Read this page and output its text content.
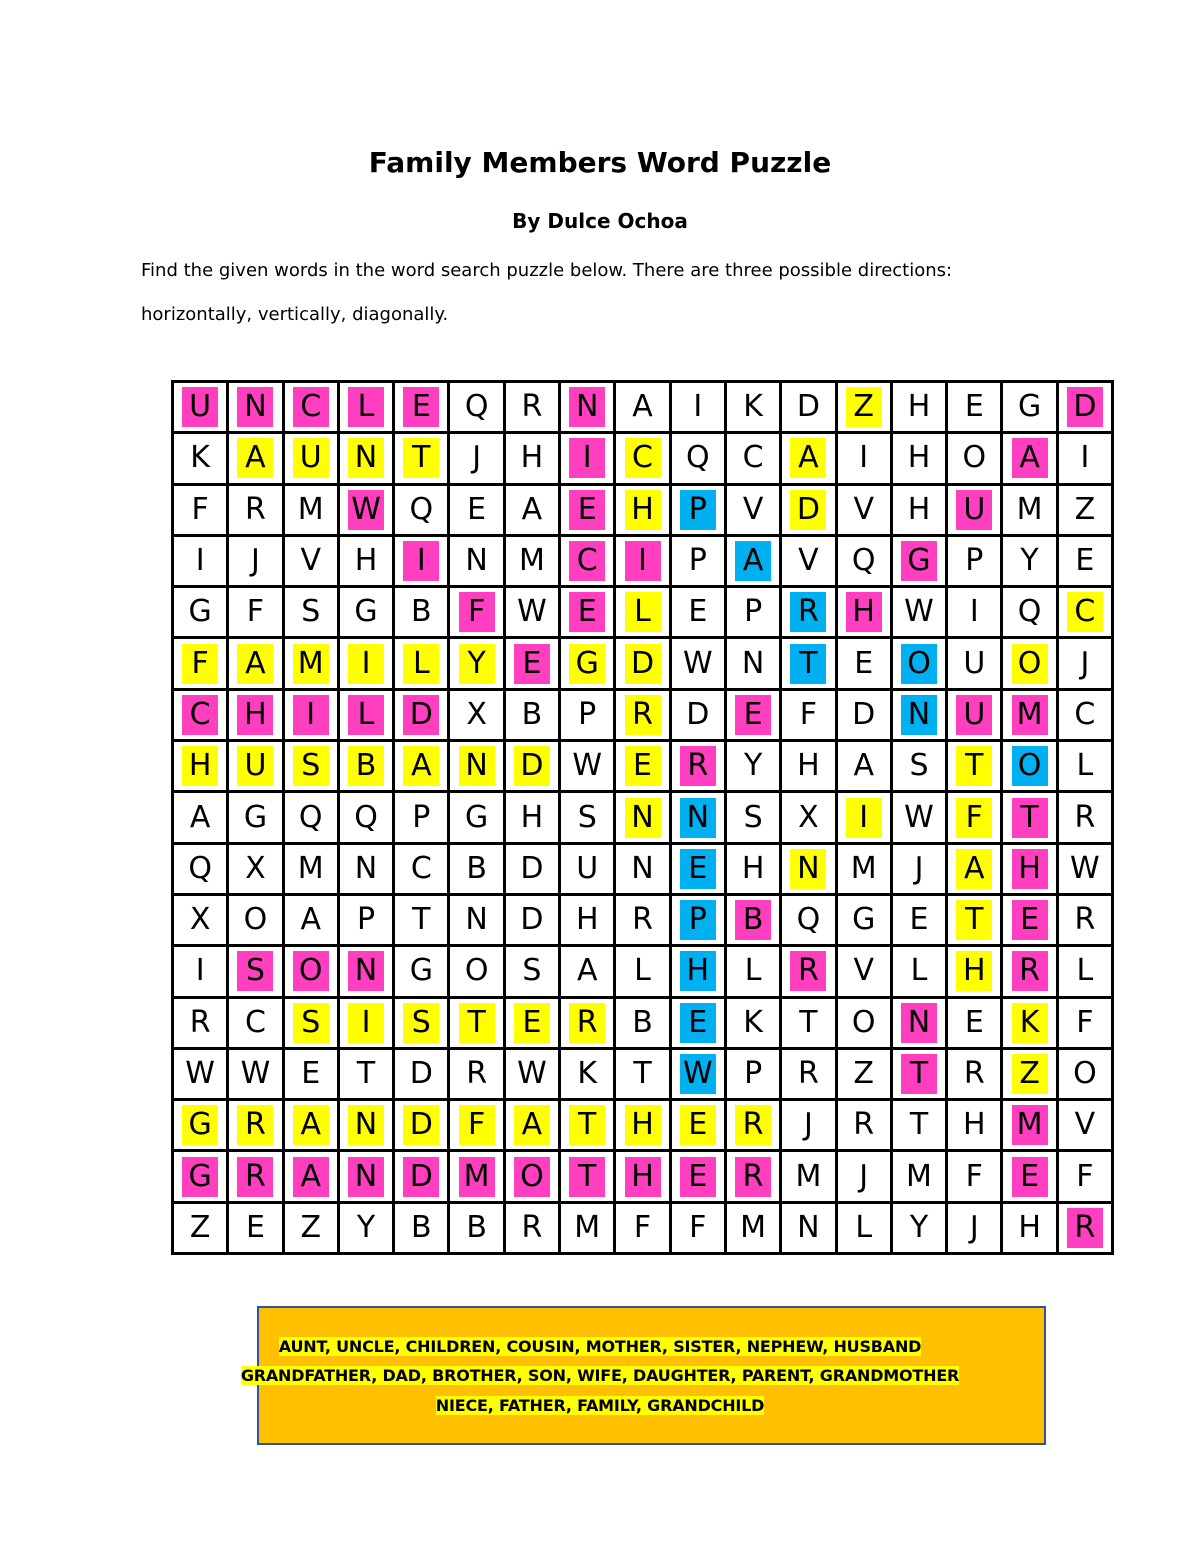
Family Members Word Puzzle
By Dulce Ochoa
Find the given words in the word search puzzle below. There are three possible directions:
horizontally, vertically, diagonally.
U N C	L	E Q R N A	I	K D Z H E G D
K A U N T	J	H	I	C Q C A	I	H O A	I
F	R M W Q E A E H P V D V H U M Z
I	J	V H	I	N M C	I	P A V Q G P Y E
G	F	S G B	F	W E	L	E P R H W	I	Q C
F	A M	I	L	Y E G D W N T E O U O	J
C H	I	L	D X B P R D E	F	D N U M C
H U S B A N D W E R Y H A S T O	L
A G Q Q P G H S N N S X	I	W	F	T R
Q X M N C B D U N E H N M	J	A H W
X O A P T N D H R P B Q G E T E R
I	S O N G O S A	L	H	L	R V	L	H R	L
R C S	I	S T E R B E K T O N E K	F
W W E T D R W K T W P R Z T R Z O
G R A N D	F	A T H E R	J	R T H M V
G R A N D M O T H E R M	J	M	F	E	F
Z E Z Y B B R M	F	F	M N	L	Y	J	H R
AUNT, UNCLE, CHILDREN, COUSIN, MOTHER, SISTER, NEPHEW, HUSBAND
GRANDFATHER, DAD, BROTHER, SON, WIFE, DAUGHTER, PARENT, GRANDMOTHER
NIECE, FATHER, FAMILY, GRANDCHILD
